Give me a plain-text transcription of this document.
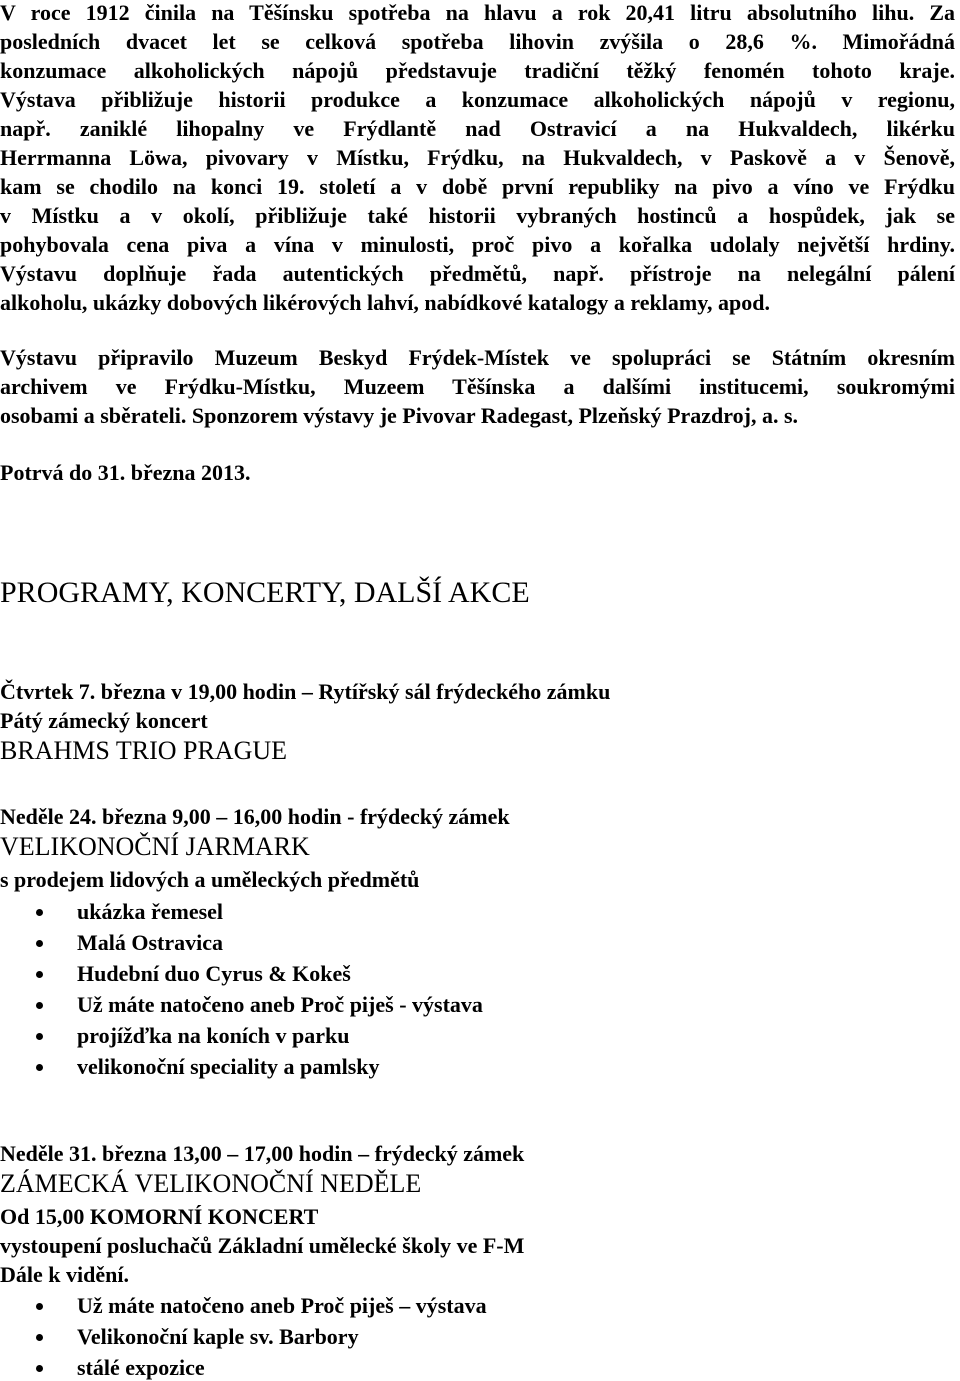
V roce 1912 činila na Těšínsku spotřeba na hlavu a rok 20,41 litru absolutního lihu. Za
posledních dvacet let se celková spotřeba lihovin zvýšila o 28,6 %. Mimořádná
konzumace alkoholických nápojů představuje tradiční těžký fenomén tohoto kraje.
Výstava přibližuje historii produkce a konzumace alkoholických nápojů v regionu,
např. zaniklé lihopalny ve Frýdlantě nad Ostravicí a na Hukvaldech, likérku
Herrmanna Löwa, pivovary v Místku, Frýdku, na Hukvaldech, v Paskově a v Šenově,
kam se chodilo na konci 19. století a v době první republiky na pivo a víno ve Frýdku
v Místku a v okolí, přibližuje také historii vybraných hostinců a hospůdek, jak se
pohybovala cena piva a vína v minulosti, proč pivo a kořalka udolaly největší hrdiny.
Výstavu doplňuje řada autentických předmětů, např. přístroje na nelegální pálení
alkoholu, ukázky dobových likérových lahví, nabídkové katalogy a reklamy, apod.
Výstavu připravilo Muzeum Beskyd Frýdek-Místek ve spolupráci se Státním okresním
archivem ve Frýdku-Místku, Muzeem Těšínska a dalšími institucemi, soukromými
osobami a sběrateli. Sponzorem výstavy je Pivovar Radegast, Plzeňský Prazdroj, a. s.
Potrvá do 31. března 2013.
PROGRAMY, KONCERTY, DALŠÍ AKCE
Čtvrtek 7. března v 19,00 hodin – Rytířský sál frýdeckého zámku
Pátý zámecký koncert
BRAHMS TRIO PRAGUE
Neděle 24. března 9,00 – 16,00 hodin - frýdecký zámek
VELIKONOČNÍ JARMARK
s prodejem lidových a uměleckých předmětů
ukázka řemesel
Malá Ostravica
Hudební duo Cyrus & Kokeš
Už máte natočeno aneb Proč piješ - výstava
projížďka na koních v parku
velikonoční speciality a pamlsky
Neděle 31. března 13,00 – 17,00 hodin – frýdecký zámek
ZÁMECKÁ VELIKONOČNÍ NEDĚLE
Od 15,00 KOMORNÍ KONCERT
vystoupení posluchačů Základní umělecké školy ve F-M
Dále k vidění.
Už máte natočeno aneb Proč piješ – výstava
Velikonoční kaple sv. Barbory
stálé expozice
